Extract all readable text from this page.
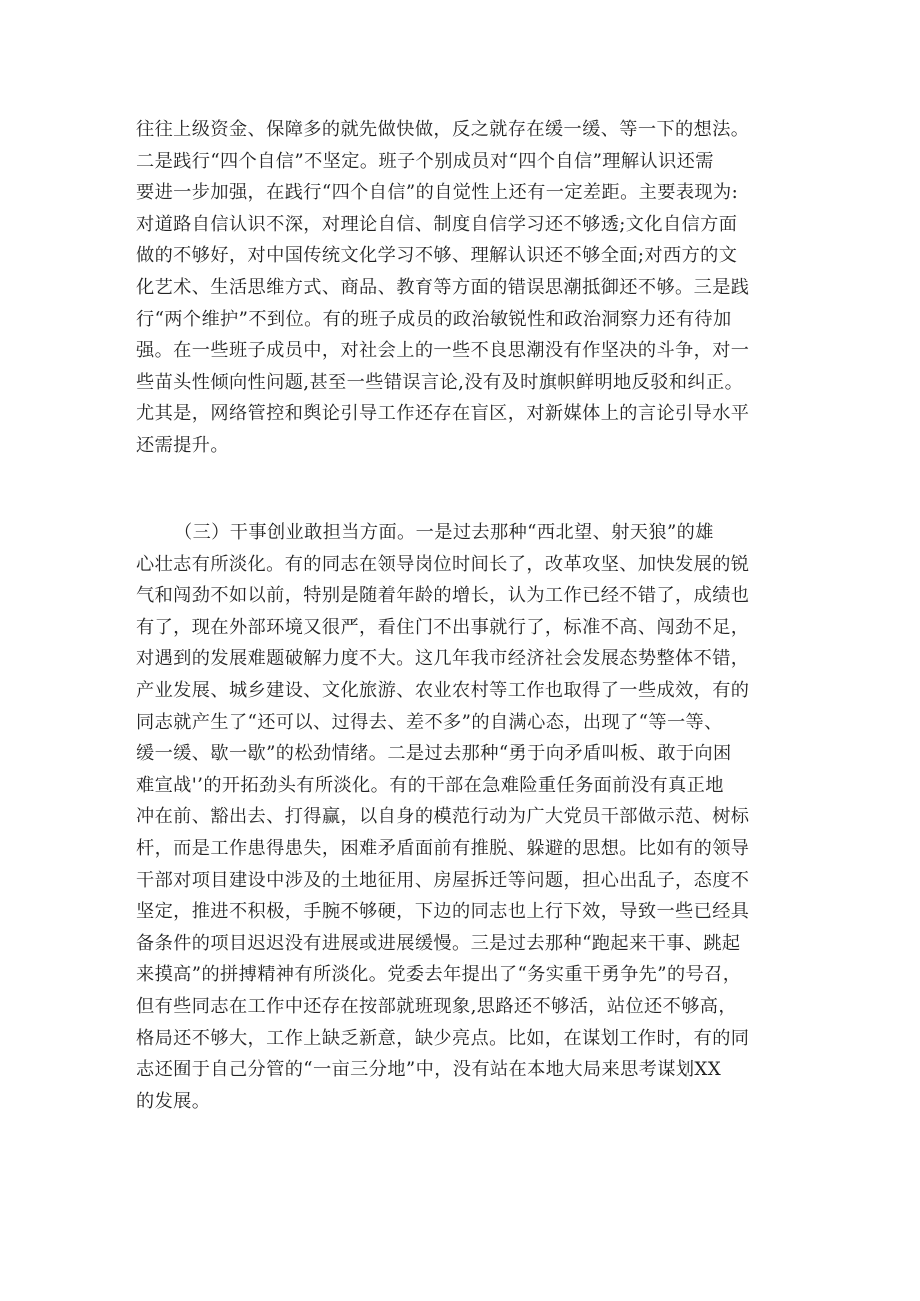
往往上级资金、保障多的就先做快做，反之就存在缓一缓、等一下的想法。
二是践行“四个自信”不坚定。班子个别成员对“四个自信”理解认识还需
要进一步加强，在践行“四个自信”的自觉性上还有一定差距。主要表现为:
对道路自信认识不深，对理论自信、制度自信学习还不够透;文化自信方面
做的不够好，对中国传统文化学习不够、理解认识还不够全面;对西方的文
化艺术、生活思维方式、商品、教育等方面的错误思潮抵御还不够。三是践
行“两个维护”不到位。有的班子成员的政治敏锐性和政治洞察力还有待加
强。在一些班子成员中，对社会上的一些不良思潮没有作坚决的斗争，对一
些苗头性倾向性问题,甚至一些错误言论,没有及时旗帜鲜明地反驳和纠正。
尤其是，网络管控和舆论引导工作还存在盲区，对新媒体上的言论引导水平
还需提升。
（三）干事创业敢担当方面。一是过去那种“西北望、射天狼”的雄
心壮志有所淡化。有的同志在领导岗位时间长了，改革攻坚、加快发展的锐
气和闯劲不如以前，特别是随着年龄的增长，认为工作已经不错了，成绩也
有了，现在外部环境又很严，看住门不出事就行了，标准不高、闯劲不足，
对遇到的发展难题破解力度不大。这几年我市经济社会发展态势整体不错，
产业发展、城乡建设、文化旅游、农业农村等工作也取得了一些成效，有的
同志就产生了“还可以、过得去、差不多”的自满心态，出现了“等一等、
缓一缓、歇一歇”的松劲情绪。二是过去那种“勇于向矛盾叫板、敢于向困
难宣战'’的开拓劲头有所淡化。有的干部在急难险重任务面前没有真正地
冲在前、豁出去、打得赢，以自身的模范行动为广大党员干部做示范、树标
杆，而是工作患得患失，困难矛盾面前有推脱、躲避的思想。比如有的领导
干部对项目建设中涉及的土地征用、房屋拆迁等问题，担心出乱子，态度不
坚定，推进不积极，手腕不够硬，下边的同志也上行下效，导致一些已经具
备条件的项目迟迟没有进展或进展缓慢。三是过去那种“跑起来干事、跳起
来摸高”的拼搏精神有所淡化。党委去年提出了“务实重干勇争先”的号召，
但有些同志在工作中还存在按部就班现象,思路还不够活，站位还不够高，
格局还不够大，工作上缺乏新意，缺少亮点。比如，在谋划工作时，有的同
志还囿于自己分管的“一亩三分地”中，没有站在本地大局来思考谋划XX
的发展。
